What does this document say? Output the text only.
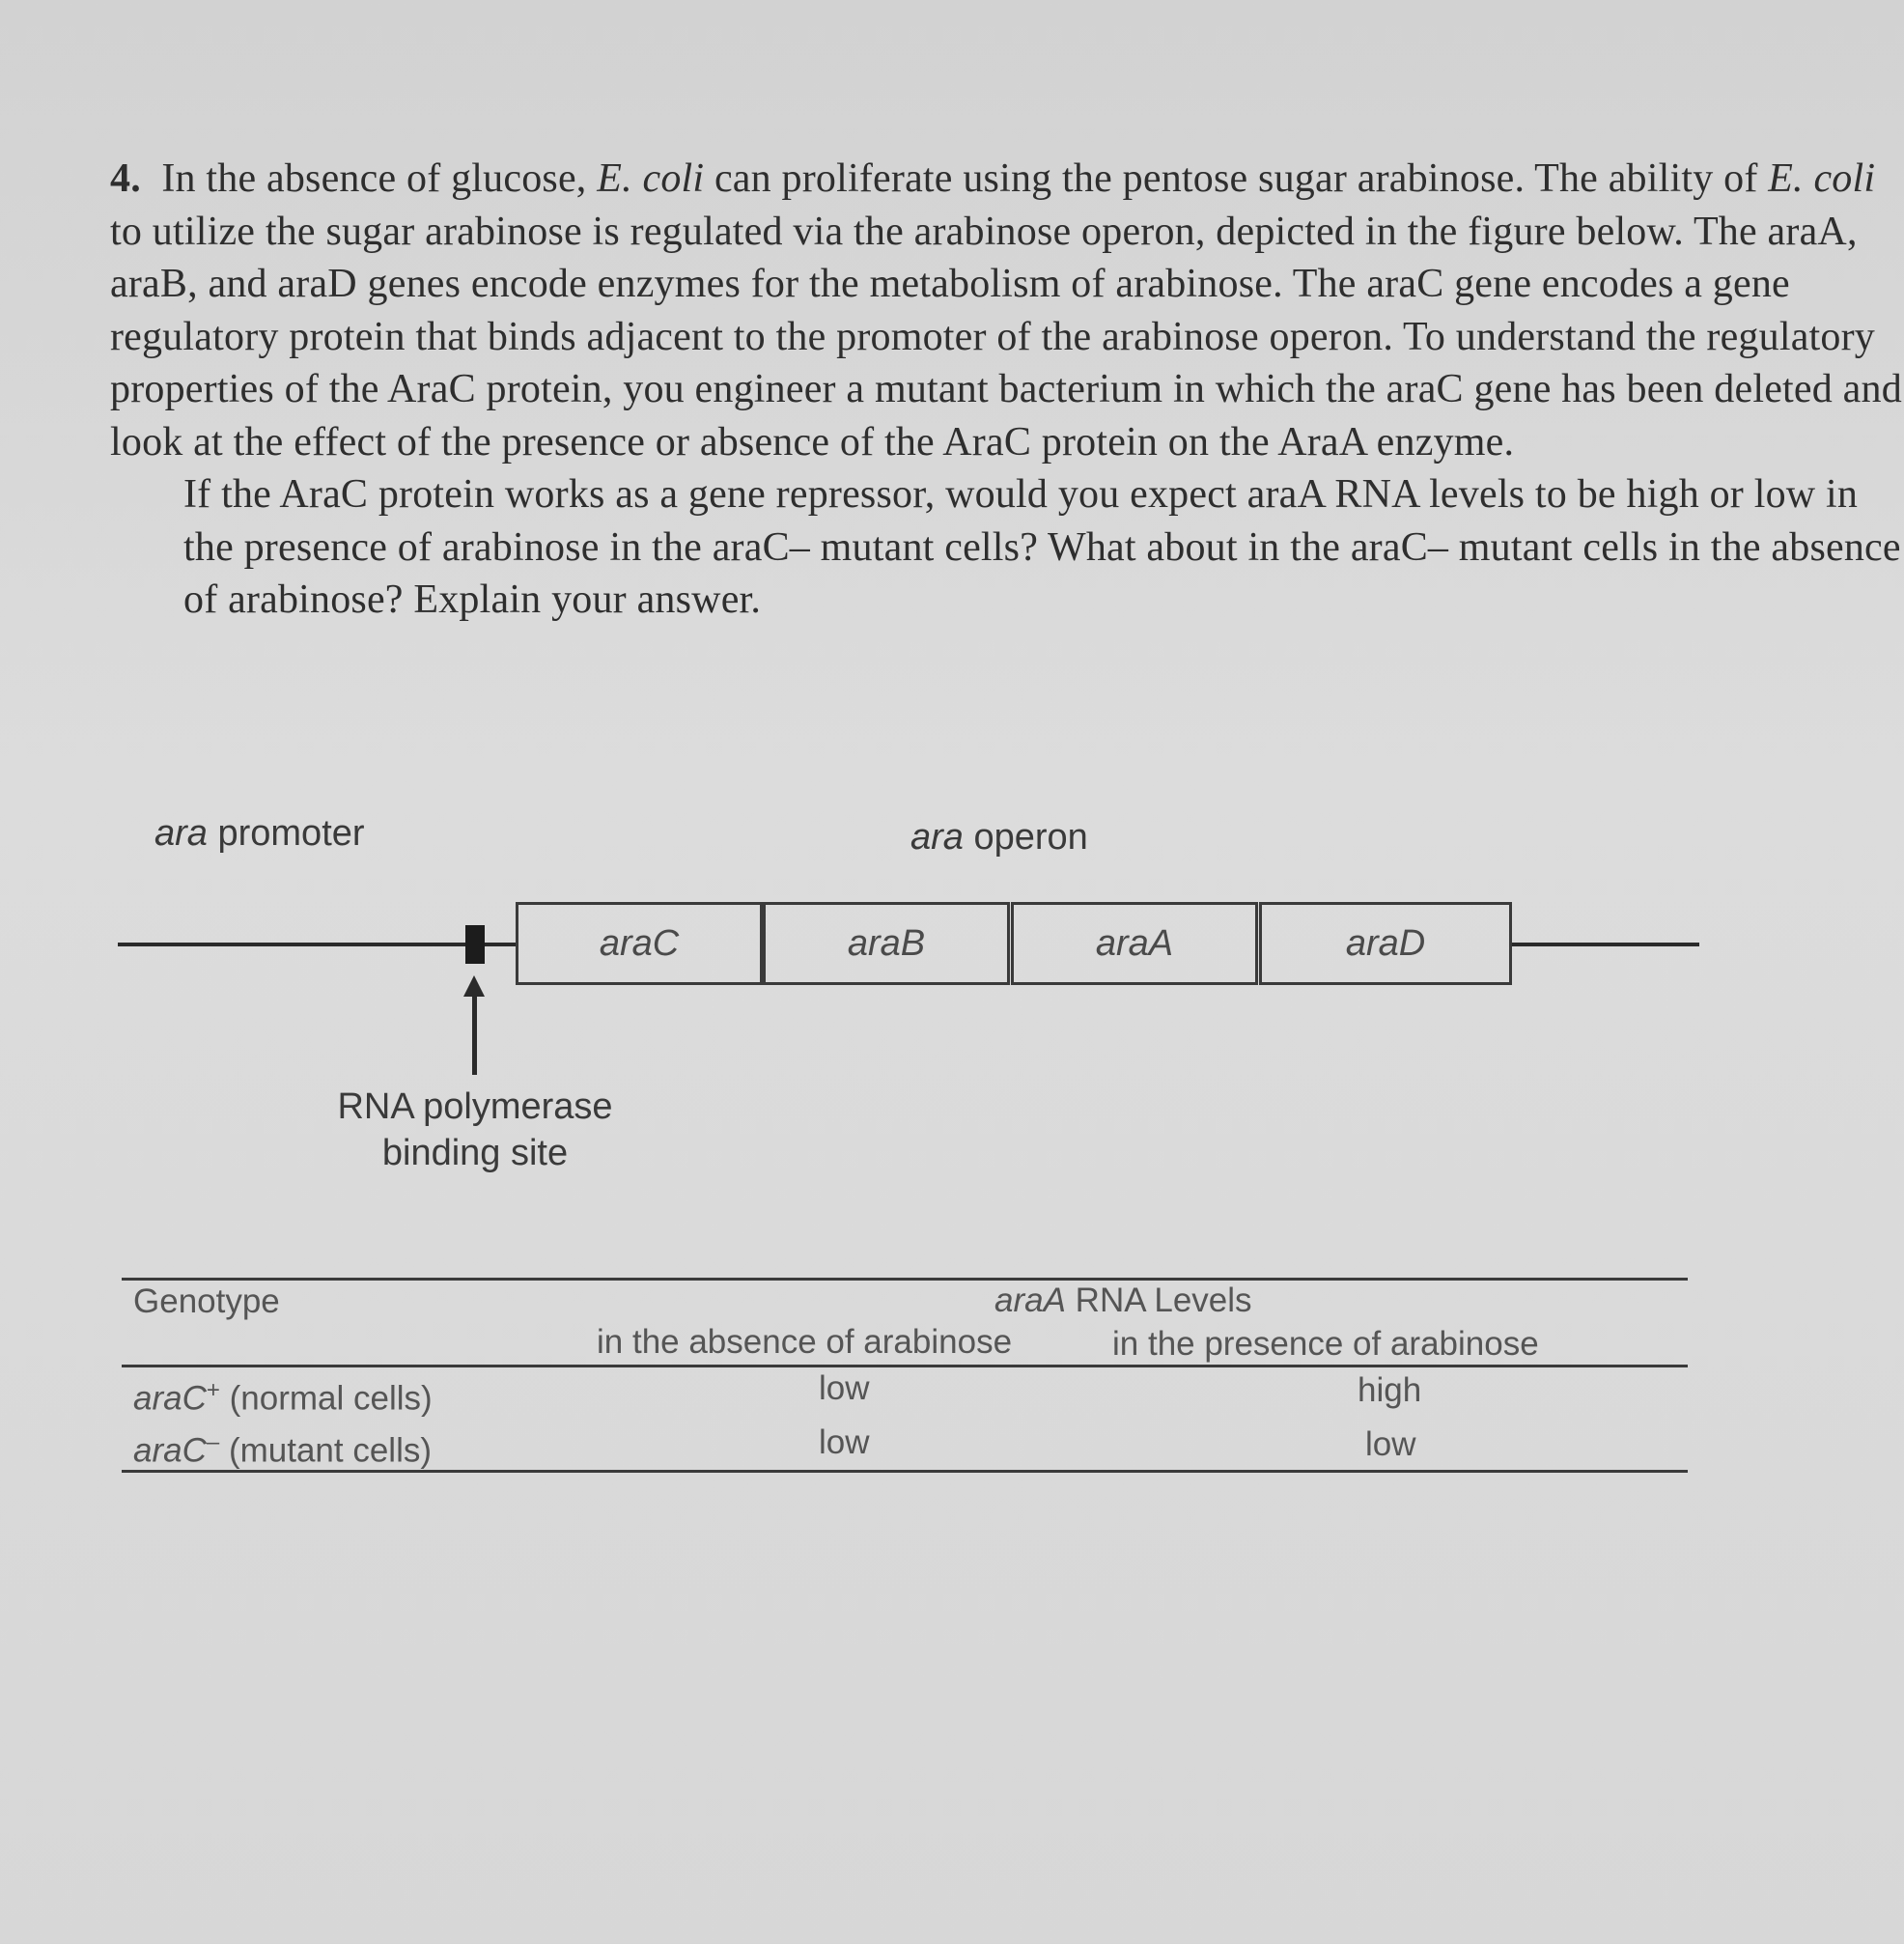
4. In the absence of glucose, E. coli can proliferate using the pentose sugar arabinose. The ability of E. coli to utilize the sugar arabinose is regulated via the arabinose operon, depicted in the figure below. The araA, araB, and araD genes encode enzymes for the metabolism of arabinose. The araC gene encodes a gene regulatory protein that binds adjacent to the promoter of the arabinose operon. To understand the regulatory properties of the AraC protein, you engineer a mutant bacterium in which the araC gene has been deleted and look at the effect of the presence or absence of the AraC protein on the AraA enzyme.

If the AraC protein works as a gene repressor, would you expect araA RNA levels to be high or low in the presence of arabinose in the araC– mutant cells? What about in the araC– mutant cells in the absence of arabinose? Explain your answer.

ara promoter	ara operon
araC	araB	araA	araD
RNA polymerase
binding site
Genotype	araA RNA Levels
in the absence of arabinose	in the presence of arabinose
araC+ (normal cells)	low	high
araC– (mutant cells)	low	low
